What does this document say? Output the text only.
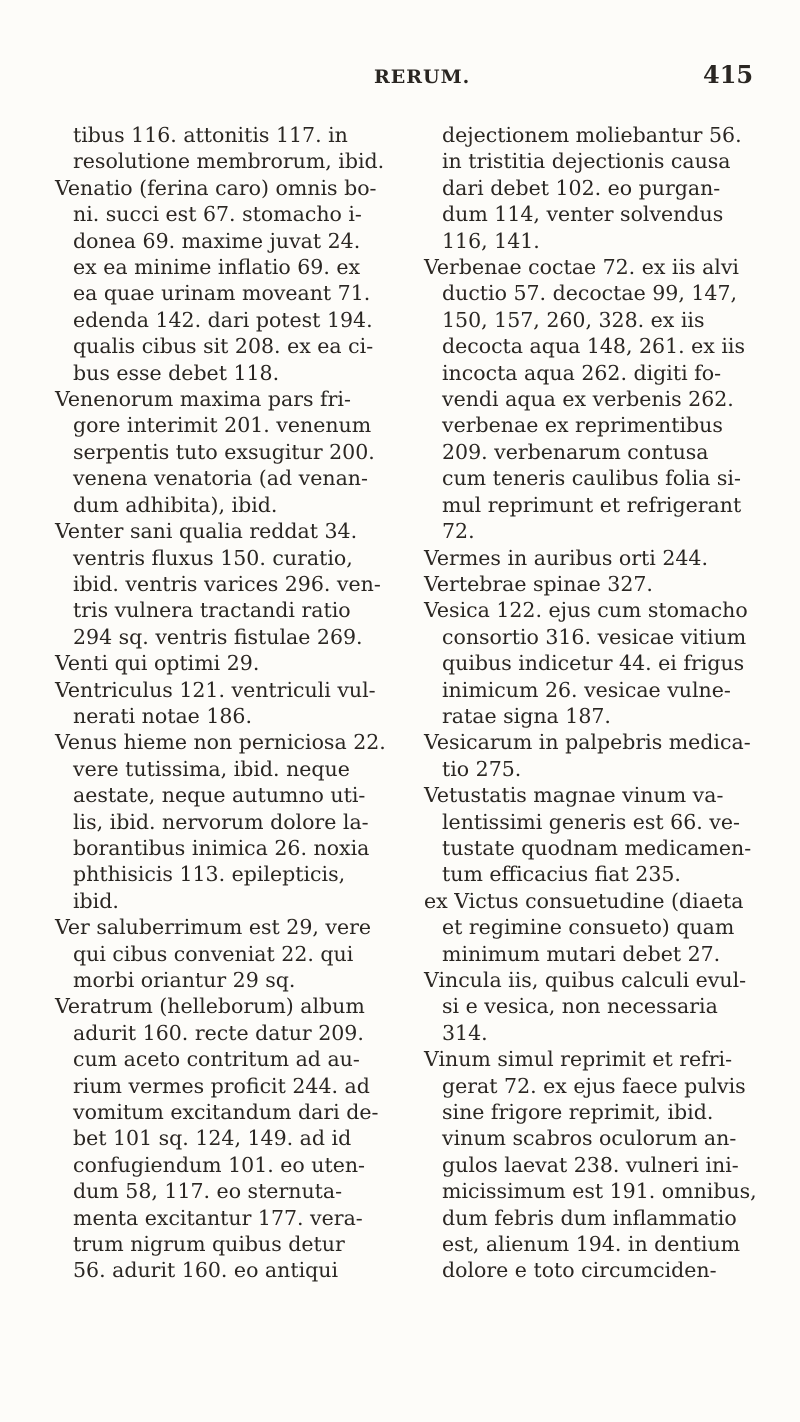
RERUM.	415

tibus 116. attonitis 117. in
resolutione membrorum, ibid.

Venatio (ferina caro) omnis bo-
ni. succi est 67. stomacho i-
donea 69. maxime juvat 24.
ex ea minime inflatio 69. ex
ea quae urinam moveant 71.
edenda 142. dari potest 194.
qualis cibus sit 208. ex ea ci-
bus esse debet 118.

Venenorum maxima pars fri-
gore interimit 201. venenum
serpentis tuto exsugitur 200.
venena venatoria (ad venan-
dum adhibita), ibid.

Venter sani qualia reddat 34.
ventris fluxus 150. curatio,
ibid. ventris varices 296. ven-
tris vulnera tractandi ratio
294 sq. ventris fistulae 269.

Venti qui optimi 29.

Ventriculus 121. ventriculi vul-
nerati notae 186.

Venus hieme non perniciosa 22.
vere tutissima, ibid. neque
aestate, neque autumno uti-
lis, ibid. nervorum dolore la-
borantibus inimica 26. noxia
phthisicis 113. epilepticis,
ibid.

Ver saluberrimum est 29, vere
qui cibus conveniat 22. qui
morbi oriantur 29 sq.

Veratrum (helleborum) album
adurit 160. recte datur 209.
cum aceto contritum ad au-
rium vermes proficit 244. ad
vomitum excitandum dari de-
bet 101 sq. 124, 149. ad id
confugiendum 101. eo uten-
dum 58, 117. eo sternuta-
menta excitantur 177. vera-
trum nigrum quibus detur
56. adurit 160. eo antiqui

dejectionem moliebantur 56.
in tristitia dejectionis causa
dari debet 102. eo purgan-
dum 114, venter solvendus
116, 141.

Verbenae coctae 72. ex iis alvi
ductio 57. decoctae 99, 147,
150, 157, 260, 328. ex iis
decocta aqua 148, 261. ex iis
incocta aqua 262. digiti fo-
vendi aqua ex verbenis 262.
verbenae ex reprimentibus
209. verbenarum contusa
cum teneris caulibus folia si-
mul reprimunt et refrigerant
72.

Vermes in auribus orti 244.

Vertebrae spinae 327.

Vesica 122. ejus cum stomacho
consortio 316. vesicae vitium
quibus indicetur 44. ei frigus
inimicum 26. vesicae vulne-
ratae signa 187.

Vesicarum in palpebris medica-
tio 275.

Vetustatis magnae vinum va-
lentissimi generis est 66. ve-
tustate quodnam medicamen-
tum efficacius fiat 235.

ex Victus consuetudine (diaeta
et regimine consueto) quam
minimum mutari debet 27.

Vincula iis, quibus calculi evul-
si e vesica, non necessaria
314.

Vinum simul reprimit et refri-
gerat 72. ex ejus faece pulvis
sine frigore reprimit, ibid.
vinum scabros oculorum an-
gulos laevat 238. vulneri ini-
micissimum est 191. omnibus,
dum febris dum inflammatio
est, alienum 194. in dentium
dolore e toto circumciden-
